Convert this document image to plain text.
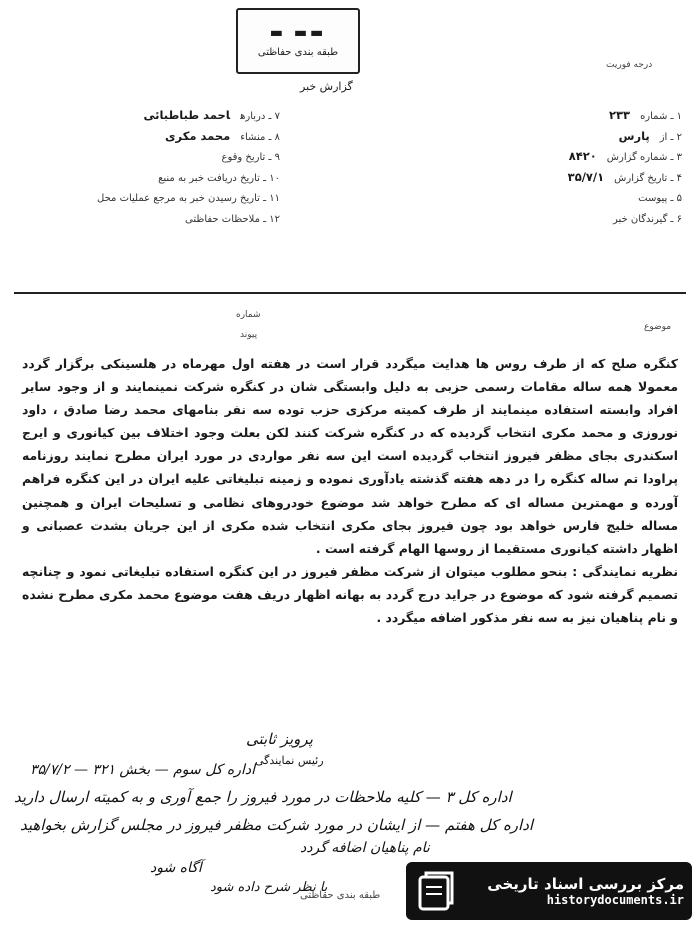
▬ ▬▬
طبقه بندی حفاظتی
درجه فوریت
گزارش خبر
۱ ـ شماره۲۳۳
۲ ـ ازپارس
۳ ـ شماره گزارش۸۴۲۰
۴ ـ تاریخ گزارش۳۵/۷/۱
۵ ـ پیوست
۶ ـ گیرندگان خبر
۷ ـ دربارهاحمد طباطبائی
۸ ـ منشاءمحمد مکری
۹ ـ تاریخ وقوع
۱۰ ـ تاریخ دریافت خبر به منبع
۱۱ ـ تاریخ رسیدن خبر به مرجع عملیات محل
۱۲ ـ ملاحظات حفاظتی
موضوع
شماره
پیوند

کنگره صلح که از طرف روس ها هدایت میگردد قرار است در هفته اول مهرماه در هلسینکی برگزار گردد معمولا همه ساله مقامات رسمی حزبی به دلیل وابستگی شان در کنگره شرکت نمینمایند و از وجود سایر افراد وابسته استفاده مینمایند از طرف کمیته مرکزی حزب توده سه نفر بنامهای محمد رضا صادق ، داود نوروزی و محمد مکری انتخاب گردیده که در کنگره شرکت کنند لکن بعلت وجود اختلاف بین کیانوری و ایرج اسکندری بجای مظفر فیروز انتخاب گردیده است این سه نفر مواردی در مورد ایران مطرح نمایند روزنامه پراودا تم ساله کنگره را در دهه هفته گذشته یادآوری نموده و زمینه تبلیغاتی علیه ایران در این کنگره فراهم آورده و مهمترین مساله ای که مطرح خواهد شد موضوع خودروهای نظامی و تسلیحات ایران و همچنین مساله خلیج فارس خواهد بود چون فیروز بجای مکری انتخاب شده مکری از این جریان بشدت عصبانی و اظهار داشته کیانوری مستقیما از روسها الهام گرفته است .

نظریه نمایندگی : بنحو مطلوب میتوان از شرکت مظفر فیروز در این کنگره استفاده تبلیغاتی نمود و چنانچه تصمیم گرفته شود که موضوع در جراید درج گردد به بهانه اظهار دریف هفت موضوع محمد مکری مطرح نشده و نام پناهیان نیز به سه نفر مذکور اضافه میگردد .

پرویز ثابتی
رئیس نمایندگی
اداره کل سوم — بخش ۳۲۱ — ۳۵/۷/۲
اداره کل ۳ — کلیه ملاحظات در مورد فیروز را جمع آوری و به کمیته ارسال دارید
اداره کل هفتم — از ایشان در مورد شرکت مظفر فیروز در مجلس گزارش بخواهید
نام پناهیان اضافه گردد
آگاه شود
با نظر شرح داده شود
طبقه بندی حفاظتی
مرکز بررسی اسناد تاریخی
historydocuments.ir
